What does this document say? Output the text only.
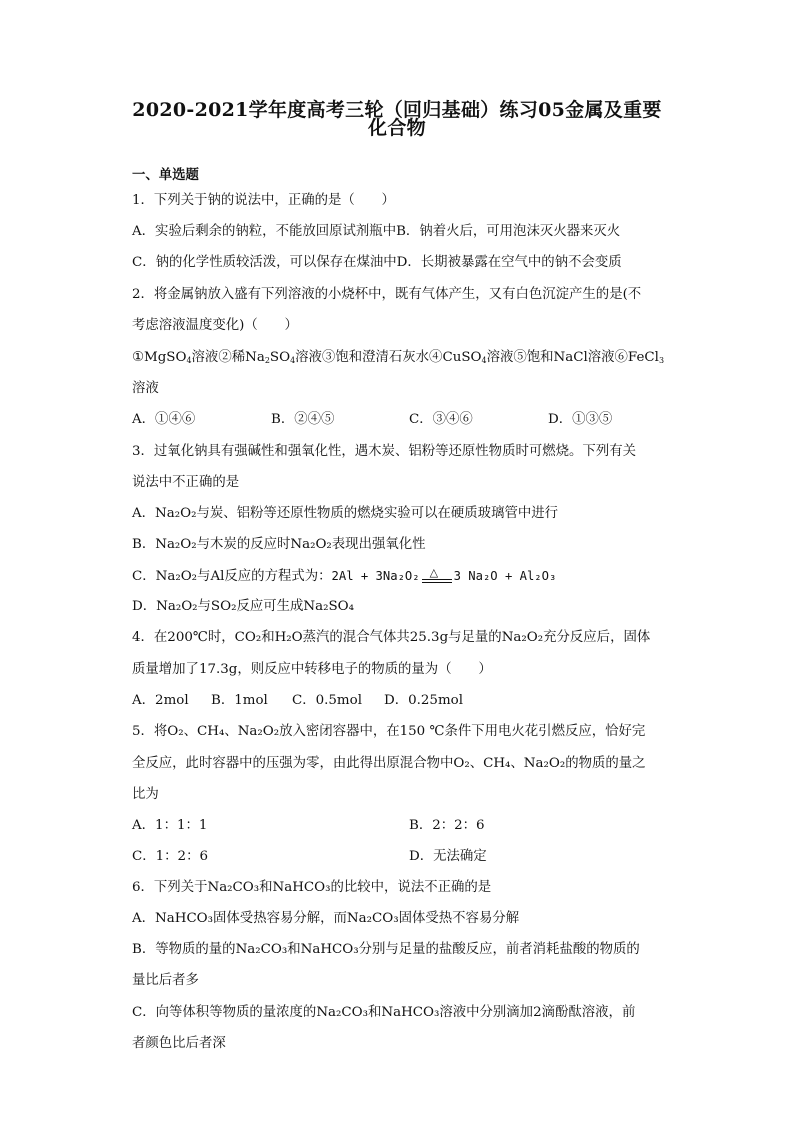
2020-2021学年度高考三轮（回归基础）练习05金属及重要
化合物
一、单选题
1．下列关于钠的说法中，正确的是（　　）
A．实验后剩余的钠粒，不能放回原试剂瓶中B．钠着火后，可用泡沫灭火器来灭火
C．钠的化学性质较活泼，可以保存在煤油中D．长期被暴露在空气中的钠不会变质
2．将金属钠放入盛有下列溶液的小烧杯中，既有气体产生，又有白色沉淀产生的是(不
考虑溶液温度变化)（　　）
①MgSO$_4$溶液②稀$Na_2SO_4$溶液③饱和澄清石灰水④CuSO$_4$溶液⑤饱和NaCl溶液⑥FeCl$_3$
溶液
A．①④⑥	B．②④⑤	C．③④⑥	D．①③⑤
3．过氧化钠具有强碱性和强氧化性，遇木炭、铝粉等还原性物质时可燃烧。下列有关
说法中不正确的是
A．Na₂O₂与炭、铝粉等还原性物质的燃烧实验可以在硬质玻璃管中进行
B．Na₂O₂与木炭的反应时Na₂O₂表现出强氧化性
C．Na₂O₂与Al反应的方程式为：2Al + 3Na₂O₂ △ 3 Na₂O + Al₂O₃
D．Na₂O₂与SO₂反应可生成Na₂SO₄
4．在200℃时，CO₂和H₂O蒸汽的混合气体共25.3g与足量的Na₂O₂充分反应后，固体
质量增加了17.3g，则反应中转移电子的物质的量为（　　）
A．2mol B．1mol C．0.5mol D．0.25mol
5．将O₂、CH₄、Na₂O₂放入密闭容器中，在150 ℃条件下用电火花引燃反应，恰好完
全反应，此时容器中的压强为零，由此得出原混合物中O₂、CH₄、Na₂O₂的物质的量之
比为
A．1：1：1	B．2：2：6
C．1：2：6	D．无法确定
6．下列关于Na₂CO₃和NaHCO₃的比较中，说法不正确的是
A．NaHCO₃固体受热容易分解，而Na₂CO₃固体受热不容易分解
B．等物质的量的Na₂CO₃和NaHCO₃分别与足量的盐酸反应，前者消耗盐酸的物质的
量比后者多
C．向等体积等物质的量浓度的Na₂CO₃和NaHCO₃溶液中分别滴加2滴酚酞溶液，前
者颜色比后者深
